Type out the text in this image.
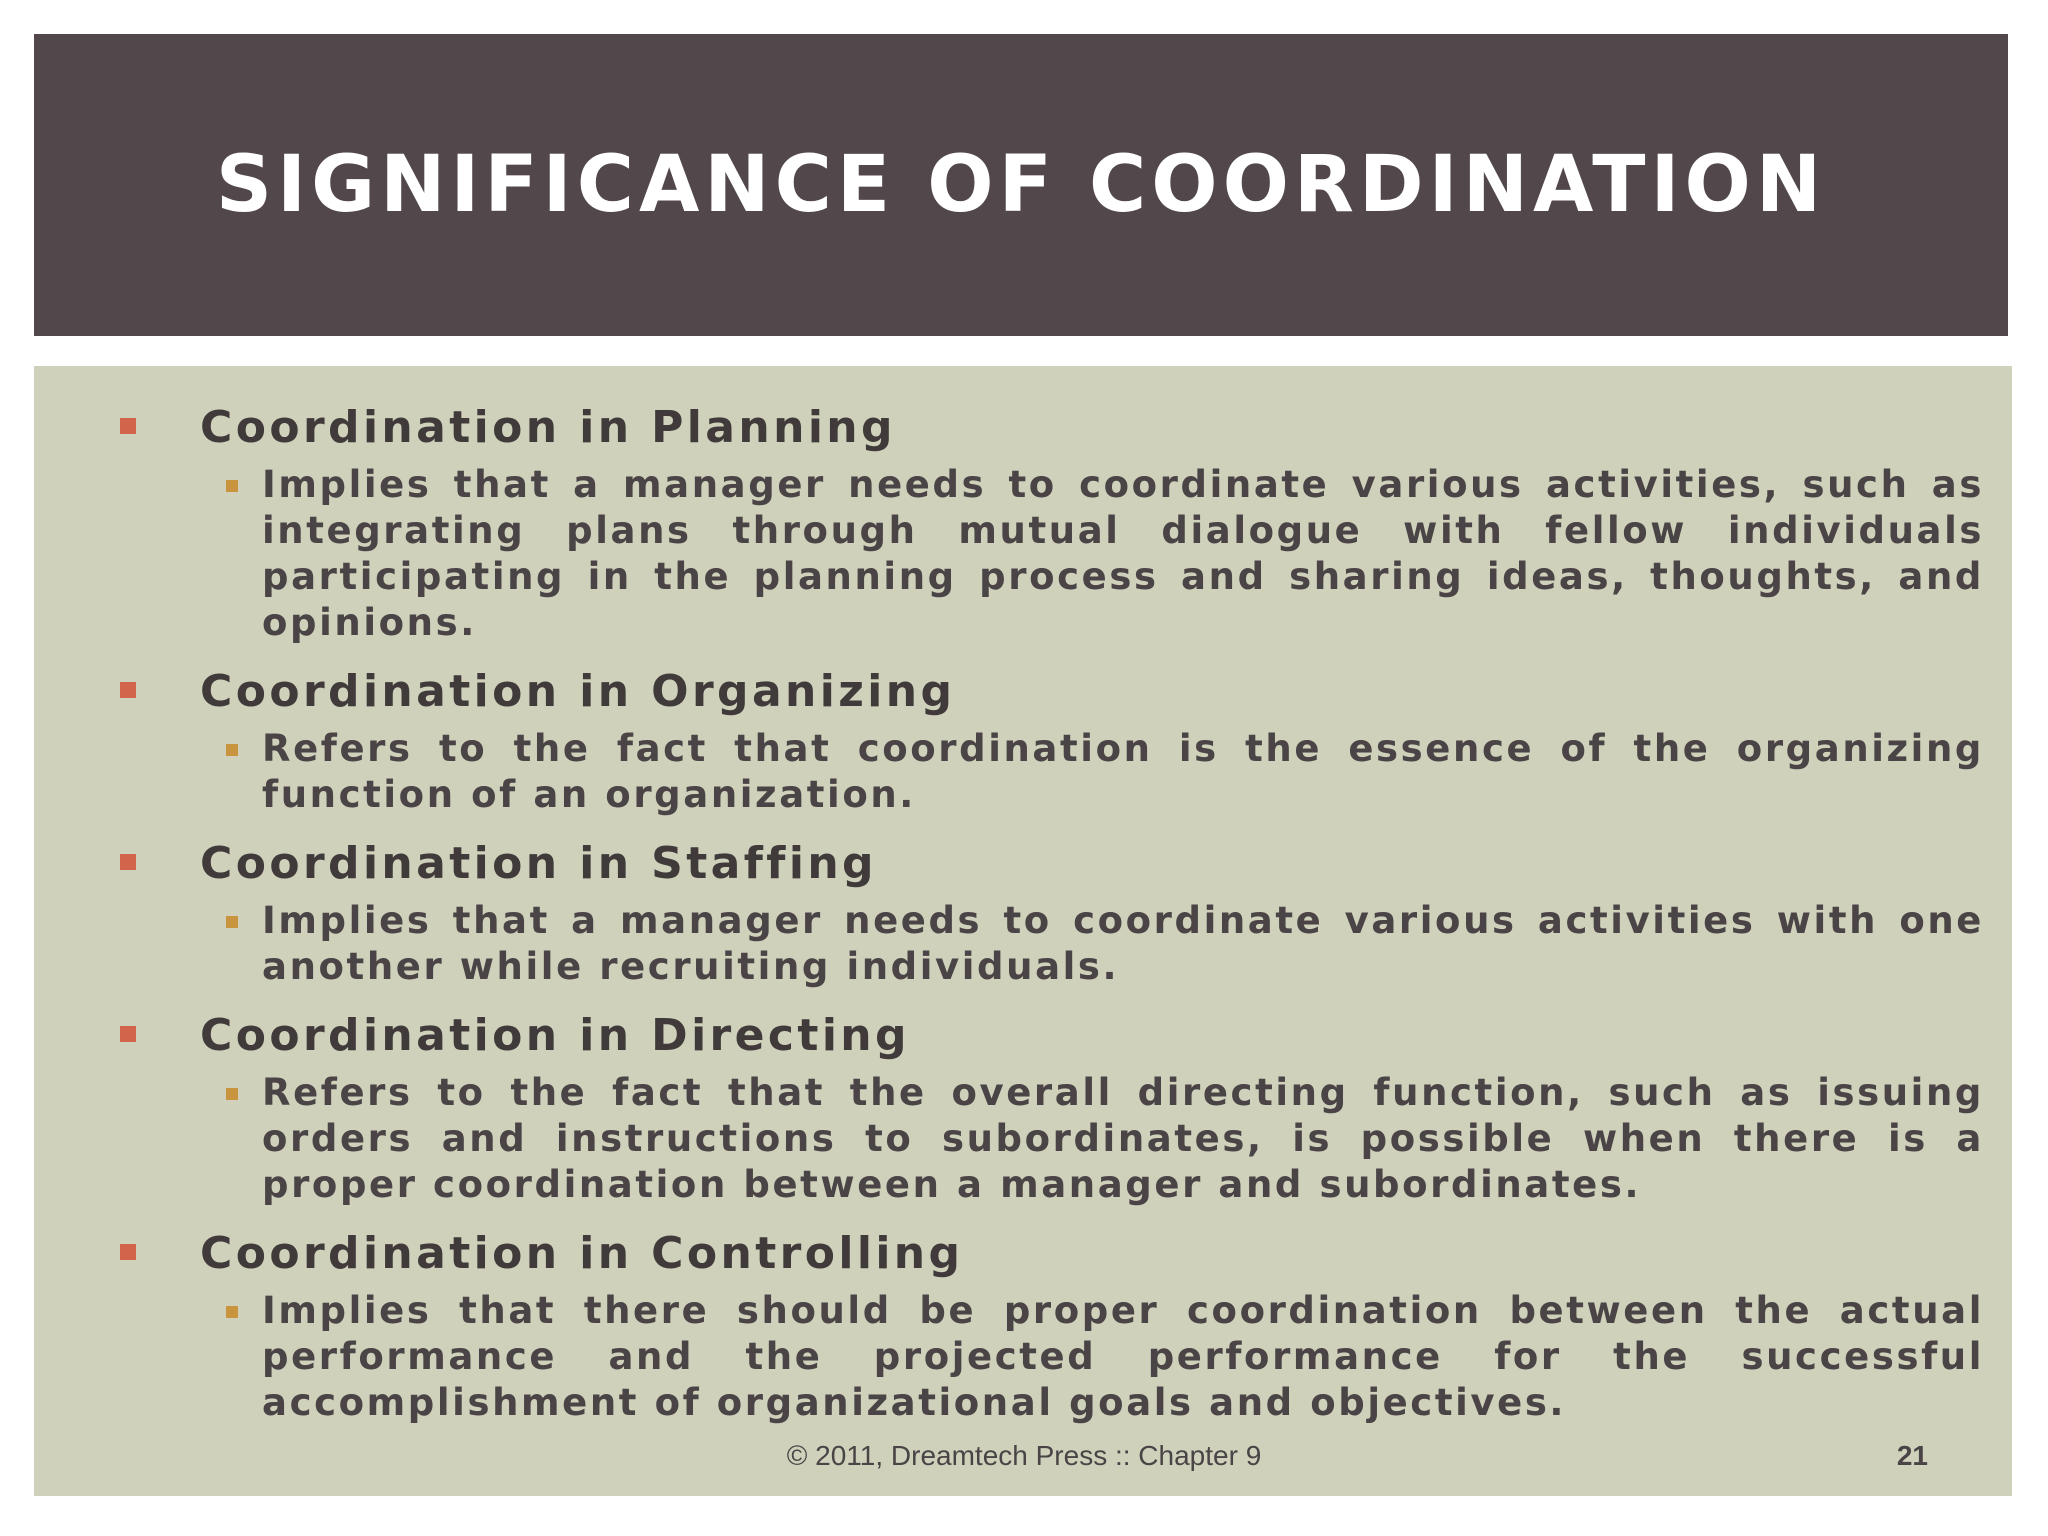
SIGNIFICANCE OF COORDINATION
Coordination in Planning
Implies that a manager needs to coordinate various activities, such as integrating plans through mutual dialogue with fellow individuals participating in the planning process and sharing ideas, thoughts, and opinions.
Coordination in Organizing
Refers to the fact that coordination is the essence of the organizing function of an organization.
Coordination in Staffing
Implies that a manager needs to coordinate various activities with one another while recruiting individuals.
Coordination in Directing
Refers to the fact that the overall directing function, such as issuing orders and instructions to subordinates, is possible when there is a proper coordination between a manager and subordinates.
Coordination in Controlling
Implies that there should be proper coordination between the actual performance and the projected performance for the successful accomplishment of organizational goals and objectives.
© 2011, Dreamtech Press :: Chapter 9	21
